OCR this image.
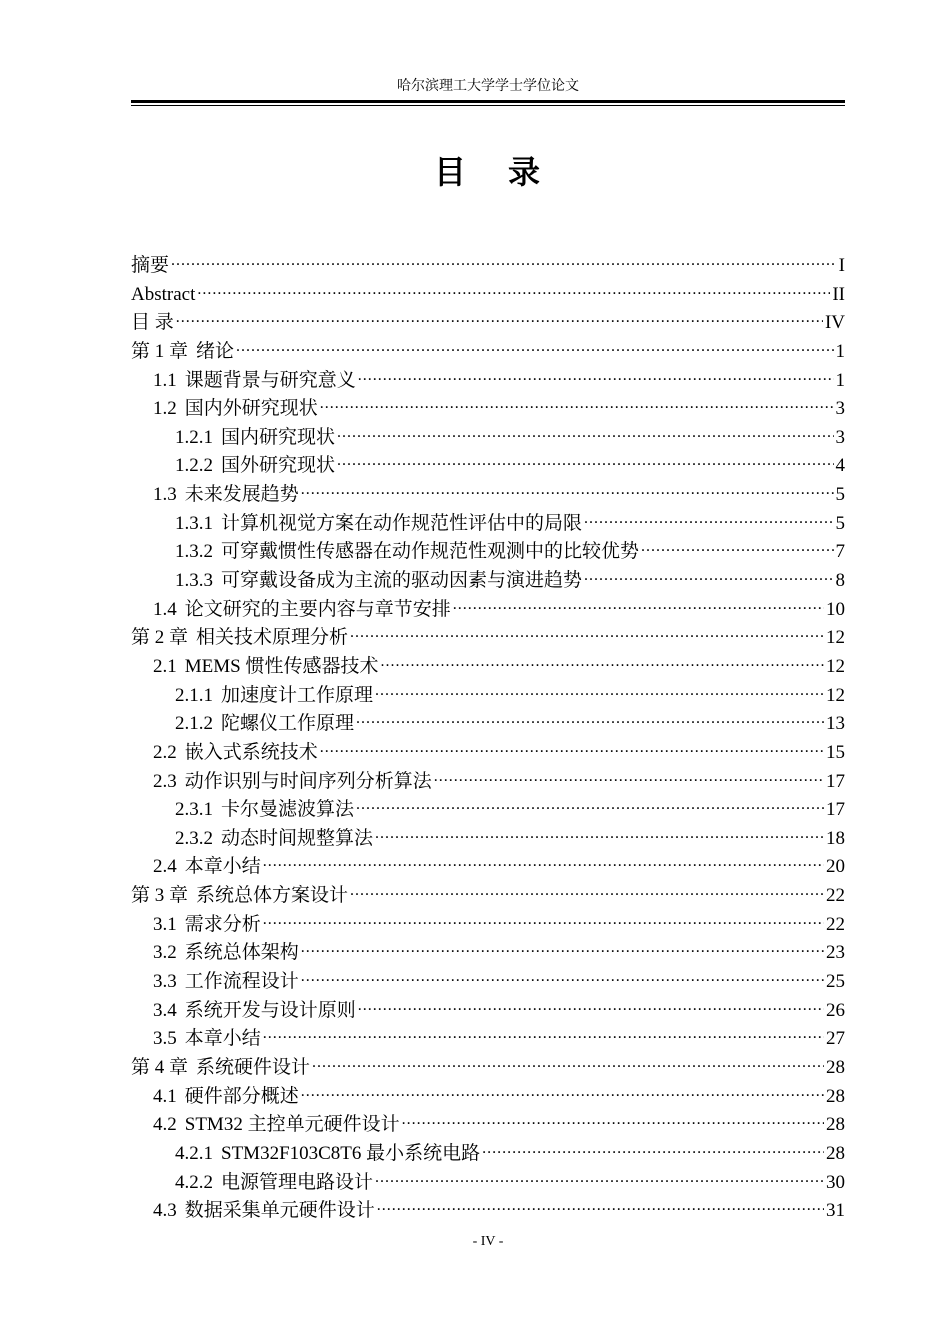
哈尔滨理工大学学士学位论文
目 录
摘要 .....	I
Abstract .....	II
目 录 .....	IV
第 1 章 绪论 .....	1
1.1 课题背景与研究意义 .....	1
1.2 国内外研究现状 .....	3
1.2.1 国内研究现状 .....	3
1.2.2 国外研究现状 .....	4
1.3 未来发展趋势 .....	5
1.3.1 计算机视觉方案在动作规范性评估中的局限 .....	5
1.3.2 可穿戴惯性传感器在动作规范性观测中的比较优势 .....	7
1.3.3 可穿戴设备成为主流的驱动因素与演进趋势 .....	8
1.4 论文研究的主要内容与章节安排 .....	10
第 2 章 相关技术原理分析 .....	12
2.1 MEMS 惯性传感器技术 .....	12
2.1.1 加速度计工作原理 .....	12
2.1.2 陀螺仪工作原理 .....	13
2.2 嵌入式系统技术 .....	15
2.3 动作识别与时间序列分析算法 .....	17
2.3.1 卡尔曼滤波算法 .....	17
2.3.2 动态时间规整算法 .....	18
2.4 本章小结 .....	20
第 3 章 系统总体方案设计 .....	22
3.1 需求分析 .....	22
3.2 系统总体架构 .....	23
3.3 工作流程设计 .....	25
3.4 系统开发与设计原则 .....	26
3.5 本章小结 .....	27
第 4 章 系统硬件设计 .....	28
4.1 硬件部分概述 .....	28
4.2 STM32 主控单元硬件设计 .....	28
4.2.1 STM32F103C8T6 最小系统电路 .....	28
4.2.2 电源管理电路设计 .....	30
4.3 数据采集单元硬件设计 .....	31
- IV -
